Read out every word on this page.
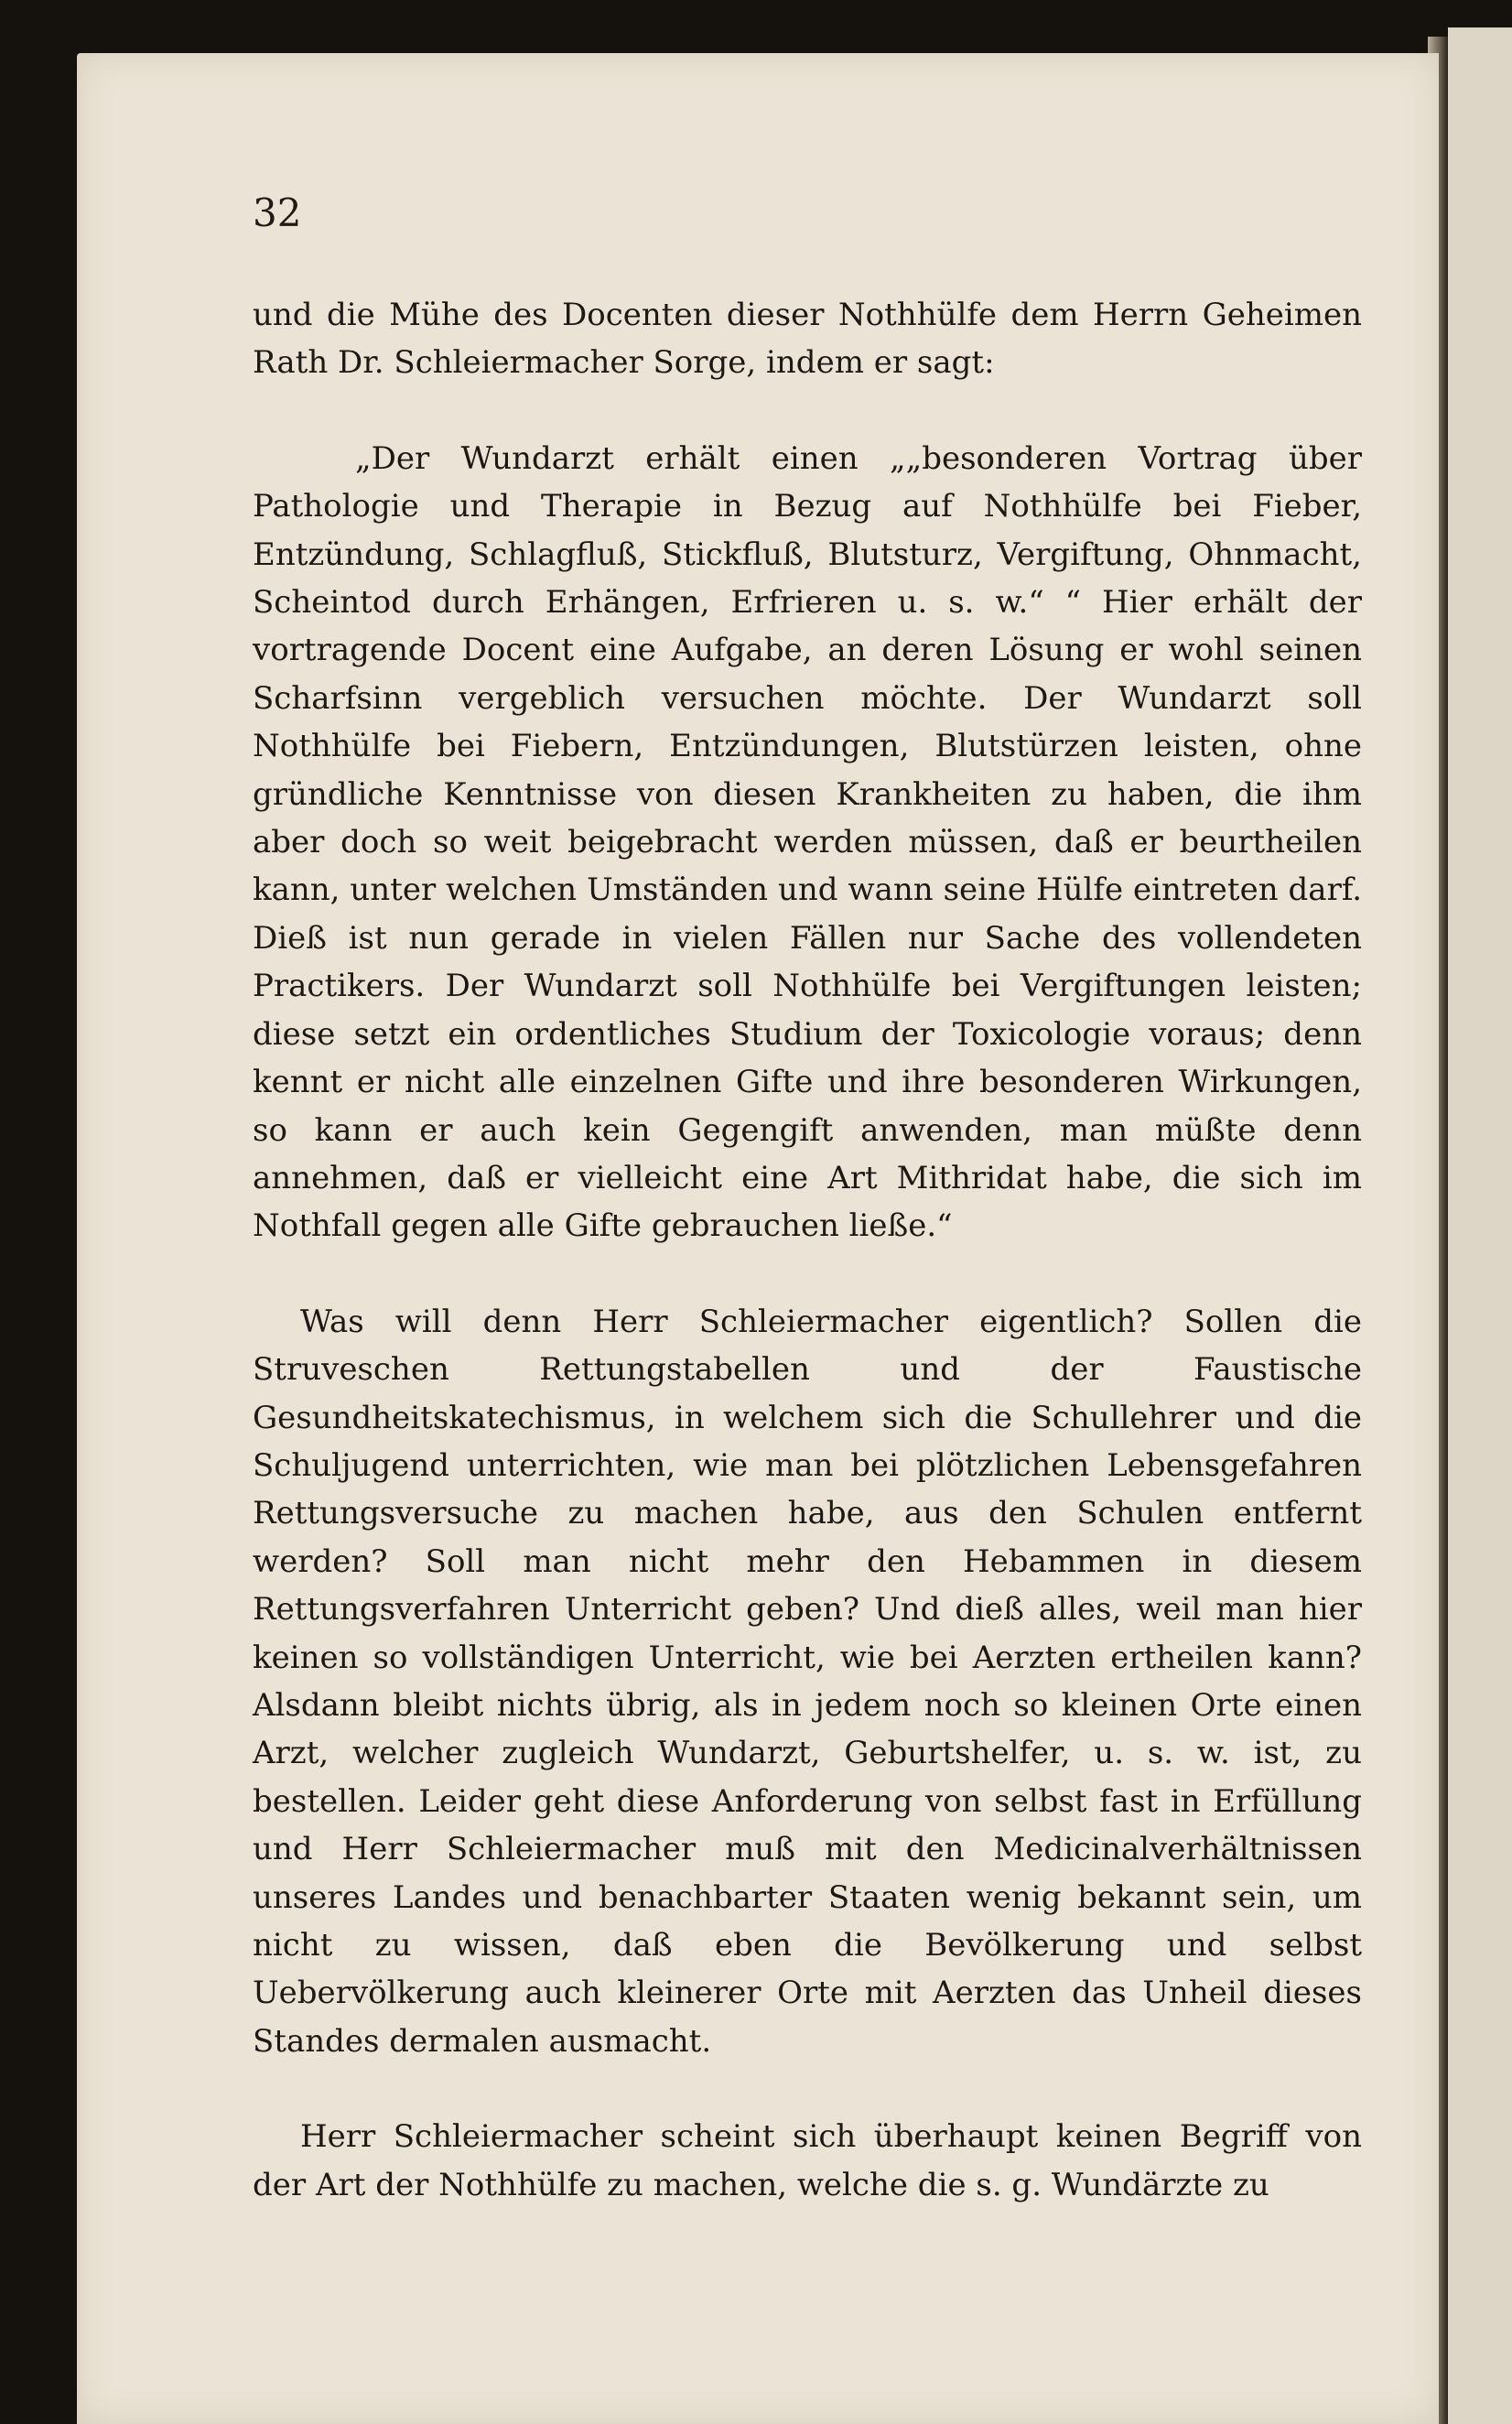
32

und die Mühe des Docenten dieser Nothhülfe dem Herrn Geheimen Rath Dr. Schleiermacher Sorge, indem er sagt:

„Der Wundarzt erhält einen „„besonderen Vortrag über Pathologie und Therapie in Bezug auf Nothhülfe bei Fieber, Entzündung, Schlagfluß, Stickfluß, Blutsturz, Vergiftung, Ohnmacht, Scheintod durch Erhängen, Erfrieren u. s. w.“ “ Hier erhält der vortragende Docent eine Aufgabe, an deren Lösung er wohl seinen Scharfsinn vergeblich versuchen möchte. Der Wundarzt soll Nothhülfe bei Fiebern, Entzündungen, Blutstürzen leisten, ohne gründliche Kenntnisse von diesen Krankheiten zu haben, die ihm aber doch so weit beigebracht werden müssen, daß er beurtheilen kann, unter welchen Umständen und wann seine Hülfe eintreten darf. Dieß ist nun gerade in vielen Fällen nur Sache des vollendeten Practikers. Der Wundarzt soll Nothhülfe bei Vergiftungen leisten; diese setzt ein ordentliches Studium der Toxicologie voraus; denn kennt er nicht alle einzelnen Gifte und ihre besonderen Wirkungen, so kann er auch kein Gegengift anwenden, man müßte denn annehmen, daß er vielleicht eine Art Mithridat habe, die sich im Nothfall gegen alle Gifte gebrauchen ließe.“

Was will denn Herr Schleiermacher eigentlich? Sollen die Struveschen Rettungstabellen und der Faustische Gesundheitskatechismus, in welchem sich die Schullehrer und die Schuljugend unterrichten, wie man bei plötzlichen Lebensgefahren Rettungsversuche zu machen habe, aus den Schulen entfernt werden? Soll man nicht mehr den Hebammen in diesem Rettungsverfahren Unterricht geben? Und dieß alles, weil man hier keinen so vollständigen Unterricht, wie bei Aerzten ertheilen kann? Alsdann bleibt nichts übrig, als in jedem noch so kleinen Orte einen Arzt, welcher zugleich Wundarzt, Geburtshelfer, u. s. w. ist, zu bestellen. Leider geht diese Anforderung von selbst fast in Erfüllung und Herr Schleiermacher muß mit den Medicinalverhältnissen unseres Landes und benachbarter Staaten wenig bekannt sein, um nicht zu wissen, daß eben die Bevölkerung und selbst Uebervölkerung auch kleinerer Orte mit Aerzten das Unheil dieses Standes dermalen ausmacht.

Herr Schleiermacher scheint sich überhaupt keinen Begriff von der Art der Nothhülfe zu machen, welche die s. g. Wundärzte zu
